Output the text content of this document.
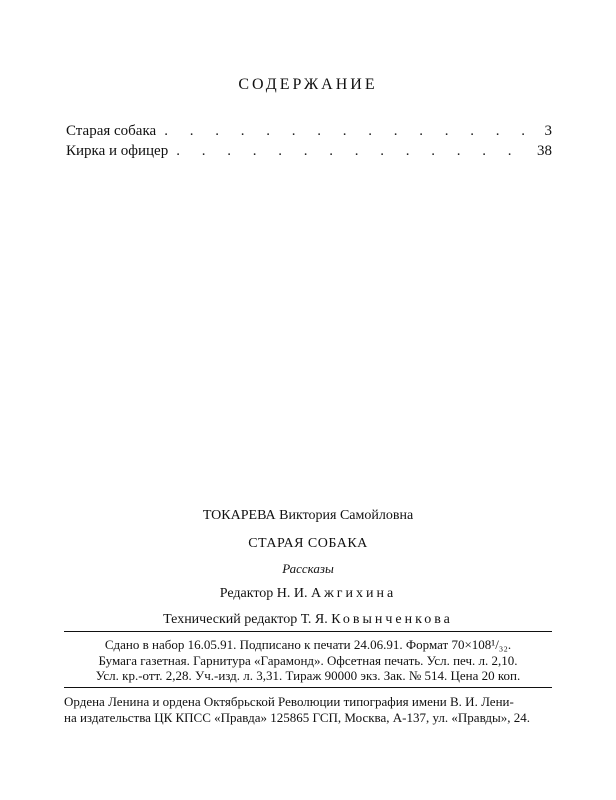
СОДЕРЖАНИЕ
Старая собака . . .	3
Кирка и офицер . . .	38
ТОКАРЕВА Виктория Самойловна
СТАРАЯ СОБАКА
Рассказы
Редактор Н. И. Ажгихина
Технический редактор Т. Я. Ковынченкова
Сдано в набор 16.05.91. Подписано к печати 24.06.91. Формат 70×108¹/₃₂.
Бумага газетная. Гарнитура «Гарамонд». Офсетная печать. Усл. печ. л. 2,10.
Усл. кр.-отт. 2,28. Уч.-изд. л. 3,31. Тираж 90000 экз. Зак. № 514. Цена 20 коп.
Ордена Ленина и ордена Октябрьской Революции типография имени В. И. Лени-
на издательства ЦК КПСС «Правда» 125865 ГСП, Москва, А-137, ул. «Правды», 24.
